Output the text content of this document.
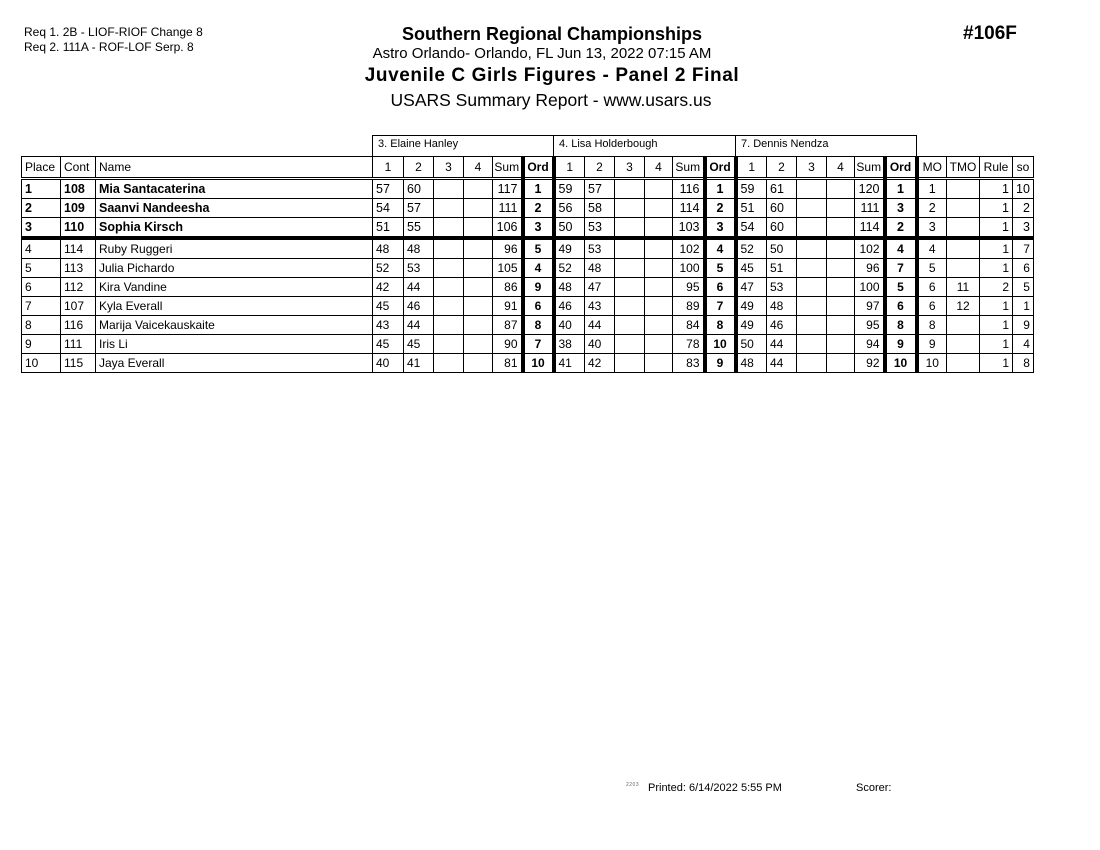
Req 1. 2B - LIOF-RIOF Change 8
Req 2. 111A - ROF-LOF Serp. 8
Southern Regional Championships
Astro Orlando- Orlando, FL Jun 13, 2022 07:15 AM
Juvenile C Girls Figures - Panel 2 Final
USARS Summary Report - www.usars.us
#106F
			3. Elaine Hanley						4. Lisa Holderbough						7. Dennis Nendza									
Place	Cont	Name	1	2	3	4	Sum	Ord	1	2	3	4	Sum	Ord	1	2	3	4	Sum	Ord	MO	TMO	Rule	so
1	108	Mia Santacaterina	57	60			117	1	59	57			116	1	59	61			120	1	1		1	10
2	109	Saanvi Nandeesha	54	57			111	2	56	58			114	2	51	60			111	3	2		1	2
3	110	Sophia Kirsch	51	55			106	3	50	53			103	3	54	60			114	2	3		1	3
4	114	Ruby Ruggeri	48	48			96	5	49	53			102	4	52	50			102	4	4		1	7
5	113	Julia Pichardo	52	53			105	4	52	48			100	5	45	51			96	7	5		1	6
6	112	Kira Vandine	42	44			86	9	48	47			95	6	47	53			100	5	6	11	2	5
7	107	Kyla Everall	45	46			91	6	46	43			89	7	49	48			97	6	6	12	1	1
8	116	Marija Vaicekauskaite	43	44			87	8	40	44			84	8	49	46			95	8	8		1	9
9	111	Iris Li	45	45			90	7	38	40			78	10	50	44			94	9	9		1	4
10	115	Jaya Everall	40	41			81	10	41	42			83	9	48	44			92	10	10		1	8
2203 Printed: 6/14/2022 5:55 PM	Scorer:
